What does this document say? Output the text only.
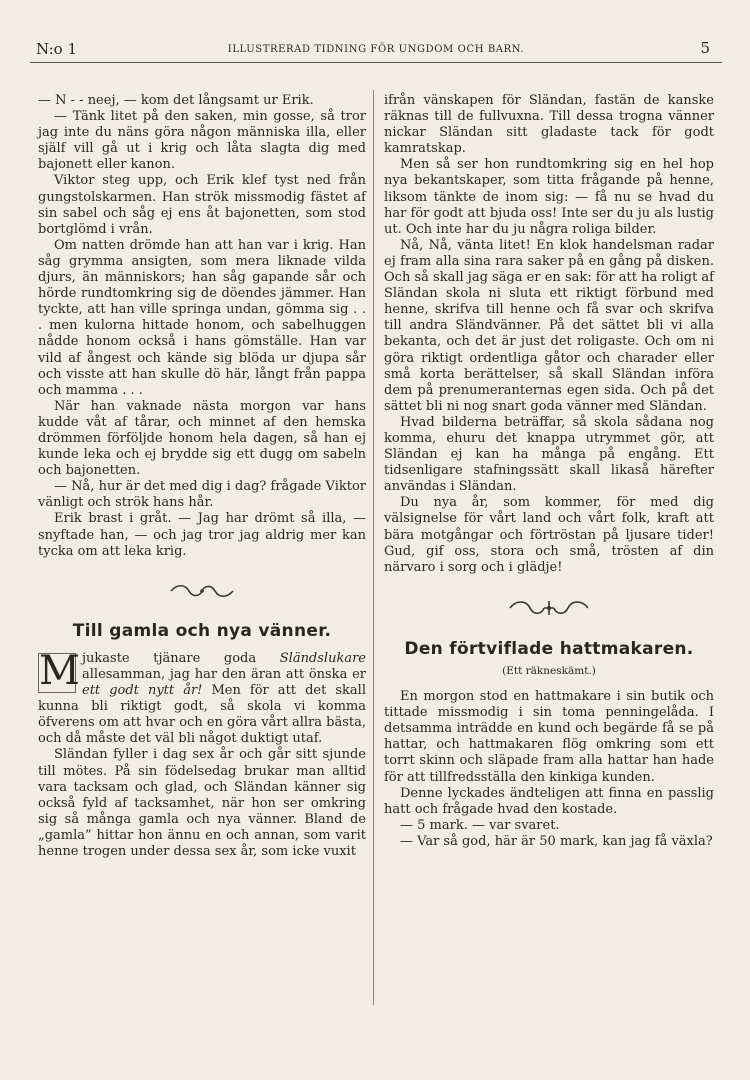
N:o 1	ILLUSTRERAD TIDNING FÖR UNGDOM OCH BARN.	5

— N - - neej, — kom det långsamt ur Erik.

— Tänk litet på den saken, min gosse, så tror jag inte du näns göra någon människa illa, eller själf vill gå ut i krig och låta slagta dig med bajonett eller kanon.

Viktor steg upp, och Erik klef tyst ned från gungstolskarmen. Han strök missmodig fästet af sin sabel och såg ej ens åt bajonetten, som stod bortglömd i vrån.

Om natten drömde han att han var i krig. Han såg grymma ansigten, som mera liknade vilda djurs, än människors; han såg gapande sår och hörde rundtomkring sig de döendes jämmer. Han tyckte, att han ville springa undan, gömma sig . . . men kulorna hittade honom, och sabelhuggen nådde honom också i hans gömställe. Han var vild af ångest och kände sig blöda ur djupa sår och visste att han skulle dö här, långt från pappa och mamma . . .

När han vaknade nästa morgon var hans kudde våt af tårar, och minnet af den hemska drömmen förföljde honom hela dagen, så han ej kunde leka och ej brydde sig ett dugg om sabeln och bajonetten.

— Nå, hur är det med dig i dag? frågade Viktor vänligt och strök hans hår.

Erik brast i gråt. — Jag har drömt så illa, — snyftade han, — och jag tror jag aldrig mer kan tycka om att leka krig.

Till gamla och nya vänner.

M jukaste tjänare goda Sländslukare allesamman, jag har den äran att önska er ett godt nytt år! Men för att det skall kunna bli riktigt godt, så skola vi komma öfverens om att hvar och en göra vårt allra bästa, och då måste det väl bli något duktigt utaf.

Sländan fyller i dag sex år och går sitt sjunde till mötes. På sin födelsedag brukar man alltid vara tacksam och glad, och Sländan känner sig också fyld af tacksamhet, när hon ser omkring sig så många gamla och nya vänner. Bland de „gamla” hittar hon ännu en och annan, som varit henne trogen under dessa sex år, som icke vuxit

ifrån vänskapen för Sländan, fastän de kanske räknas till de fullvuxna. Till dessa trogna vänner nickar Sländan sitt gladaste tack för godt kamratskap.

Men så ser hon rundtomkring sig en hel hop nya bekantskaper, som titta frågande på henne, liksom tänkte de inom sig: — få nu se hvad du har för godt att bjuda oss! Inte ser du ju als lustig ut. Och inte har du ju några roliga bilder.

Nå, Nå, vänta litet! En klok handelsman radar ej fram alla sina rara saker på en gång på disken. Och så skall jag säga er en sak: för att ha roligt af Sländan skola ni sluta ett riktigt förbund med henne, skrifva till henne och få svar och skrifva till andra Sländvänner. På det sättet bli vi alla bekanta, och det är just det roligaste. Och om ni göra riktigt ordentliga gåtor och charader eller små korta berättelser, så skall Sländan införa dem på prenumeranternas egen sida. Och på det sättet bli ni nog snart goda vänner med Sländan.

Hvad bilderna beträffar, så skola sådana nog komma, ehuru det knappa utrymmet gör, att Sländan ej kan ha många på engång. Ett tidsenligare stafningssätt skall likaså härefter användas i Sländan.

Du nya år, som kommer, för med dig välsignelse för vårt land och vårt folk, kraft att bära motgångar och förtröstan på ljusare tider! Gud, gif oss, stora och små, trösten af din närvaro i sorg och i glädje!

Den förtviflade hattmakaren.
(Ett räkneskämt.)

En morgon stod en hattmakare i sin butik och tittade missmodig i sin toma penningelåda. I detsamma inträdde en kund och begärde få se på hattar, och hattmakaren flög omkring som ett torrt skinn och släpade fram alla hattar han hade för att tillfredsställa den kinkiga kunden.

Denne lyckades ändteligen att finna en passlig hatt och frågade hvad den kostade.

— 5 mark. — var svaret.

— Var så god, här är 50 mark, kan jag få växla?
